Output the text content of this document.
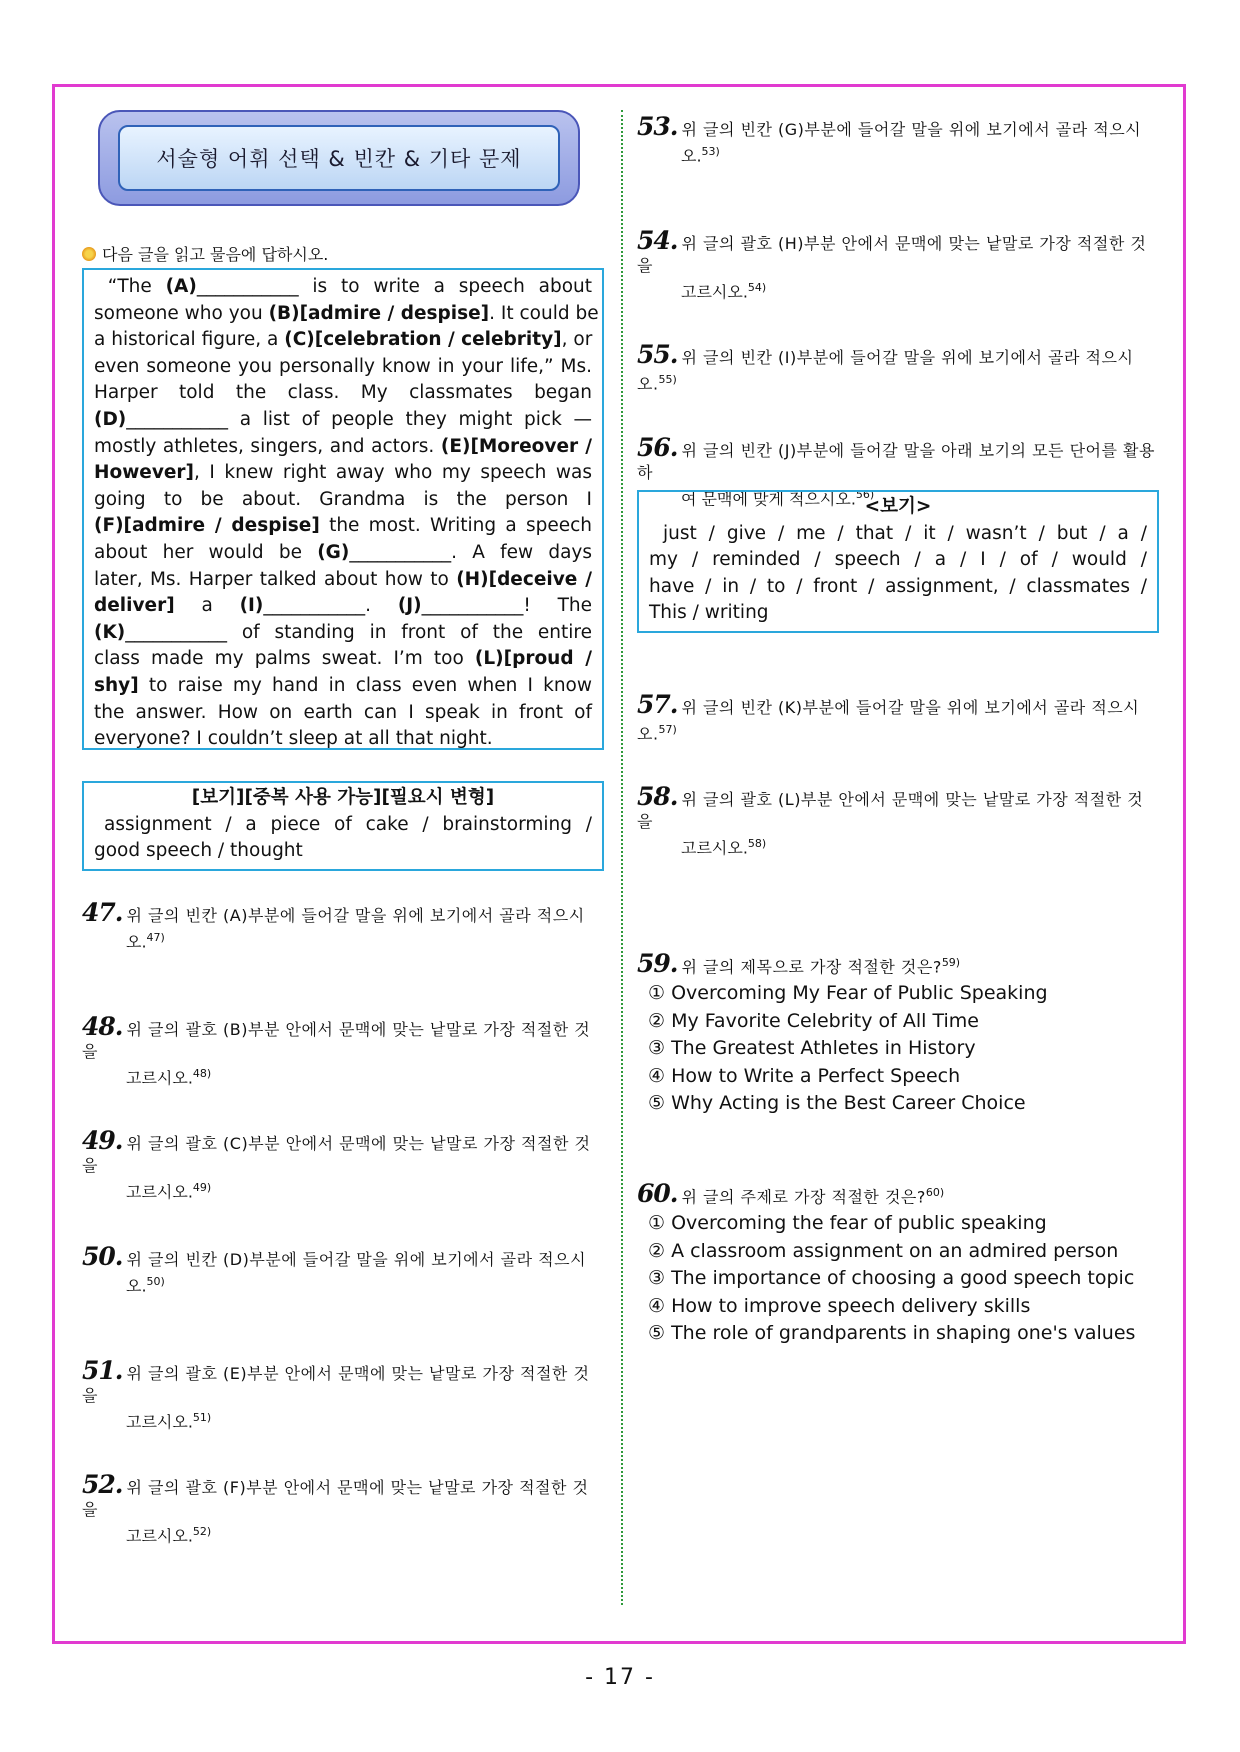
서술형 어휘 선택 & 빈칸 & 기타 문제
다음 글을 읽고 물음에 답하시오.
“The (A)___________ is to write a speech about
someone who you (B)[admire / despise]. It could be
a historical figure, a (C)[celebration / celebrity], or
even someone you personally know in your life,” Ms.
Harper told the class. My classmates began
(D)___________ a list of people they might pick —
mostly athletes, singers, and actors. (E)[Moreover /
However], I knew right away who my speech was
going to be about. Grandma is the person I
(F)[admire / despise] the most. Writing a speech
about her would be (G)___________. A few days
later, Ms. Harper talked about how to (H)[deceive /
deliver] a (I)___________. (J)___________! The
(K)___________ of standing in front of the entire
class made my palms sweat. I’m too (L)[proud /
shy] to raise my hand in class even when I know
the answer. How on earth can I speak in front of
everyone? I couldn’t sleep at all that night.
[보기][중복 사용 가능][필요시 변형]
assignment / a piece of cake / brainstorming /
good speech / thought
47. 위 글의 빈칸 (A)부분에 들어갈 말을 위에 보기에서 골라 적으시
오.$^{47)}$
48. 위 글의 괄호 (B)부분 안에서 문맥에 맞는 낱말로 가장 적절한 것을
고르시오.$^{48)}$
49. 위 글의 괄호 (C)부분 안에서 문맥에 맞는 낱말로 가장 적절한 것을
고르시오.$^{49)}$
50. 위 글의 빈칸 (D)부분에 들어갈 말을 위에 보기에서 골라 적으시
오.$^{50)}$
51. 위 글의 괄호 (E)부분 안에서 문맥에 맞는 낱말로 가장 적절한 것을
고르시오.$^{51)}$
52. 위 글의 괄호 (F)부분 안에서 문맥에 맞는 낱말로 가장 적절한 것을
고르시오.$^{52)}$
53. 위 글의 빈칸 (G)부분에 들어갈 말을 위에 보기에서 골라 적으시
오.$^{53)}$
54. 위 글의 괄호 (H)부분 안에서 문맥에 맞는 낱말로 가장 적절한 것을
고르시오.$^{54)}$
55. 위 글의 빈칸 (I)부분에 들어갈 말을 위에 보기에서 골라 적으시오.$^{55)}$
56. 위 글의 빈칸 (J)부분에 들어갈 말을 아래 보기의 모든 단어를 활용하
여 문맥에 맞게 적으시오.$^{56)}$
<보기>
just / give / me / that / it / wasn’t / but / a /
my / reminded / speech / a / I / of / would /
have / in / to / front / assignment, / classmates /
This / writing
57. 위 글의 빈칸 (K)부분에 들어갈 말을 위에 보기에서 골라 적으시오.$^{57)}$
58. 위 글의 괄호 (L)부분 안에서 문맥에 맞는 낱말로 가장 적절한 것을
고르시오.$^{58)}$
59. 위 글의 제목으로 가장 적절한 것은?$^{59)}$
① Overcoming My Fear of Public Speaking
② My Favorite Celebrity of All Time
③ The Greatest Athletes in History
④ How to Write a Perfect Speech
⑤ Why Acting is the Best Career Choice
60. 위 글의 주제로 가장 적절한 것은?$^{60)}$
① Overcoming the fear of public speaking
② A classroom assignment on an admired person
③ The importance of choosing a good speech topic
④ How to improve speech delivery skills
⑤ The role of grandparents in shaping one's values
- 17 -
